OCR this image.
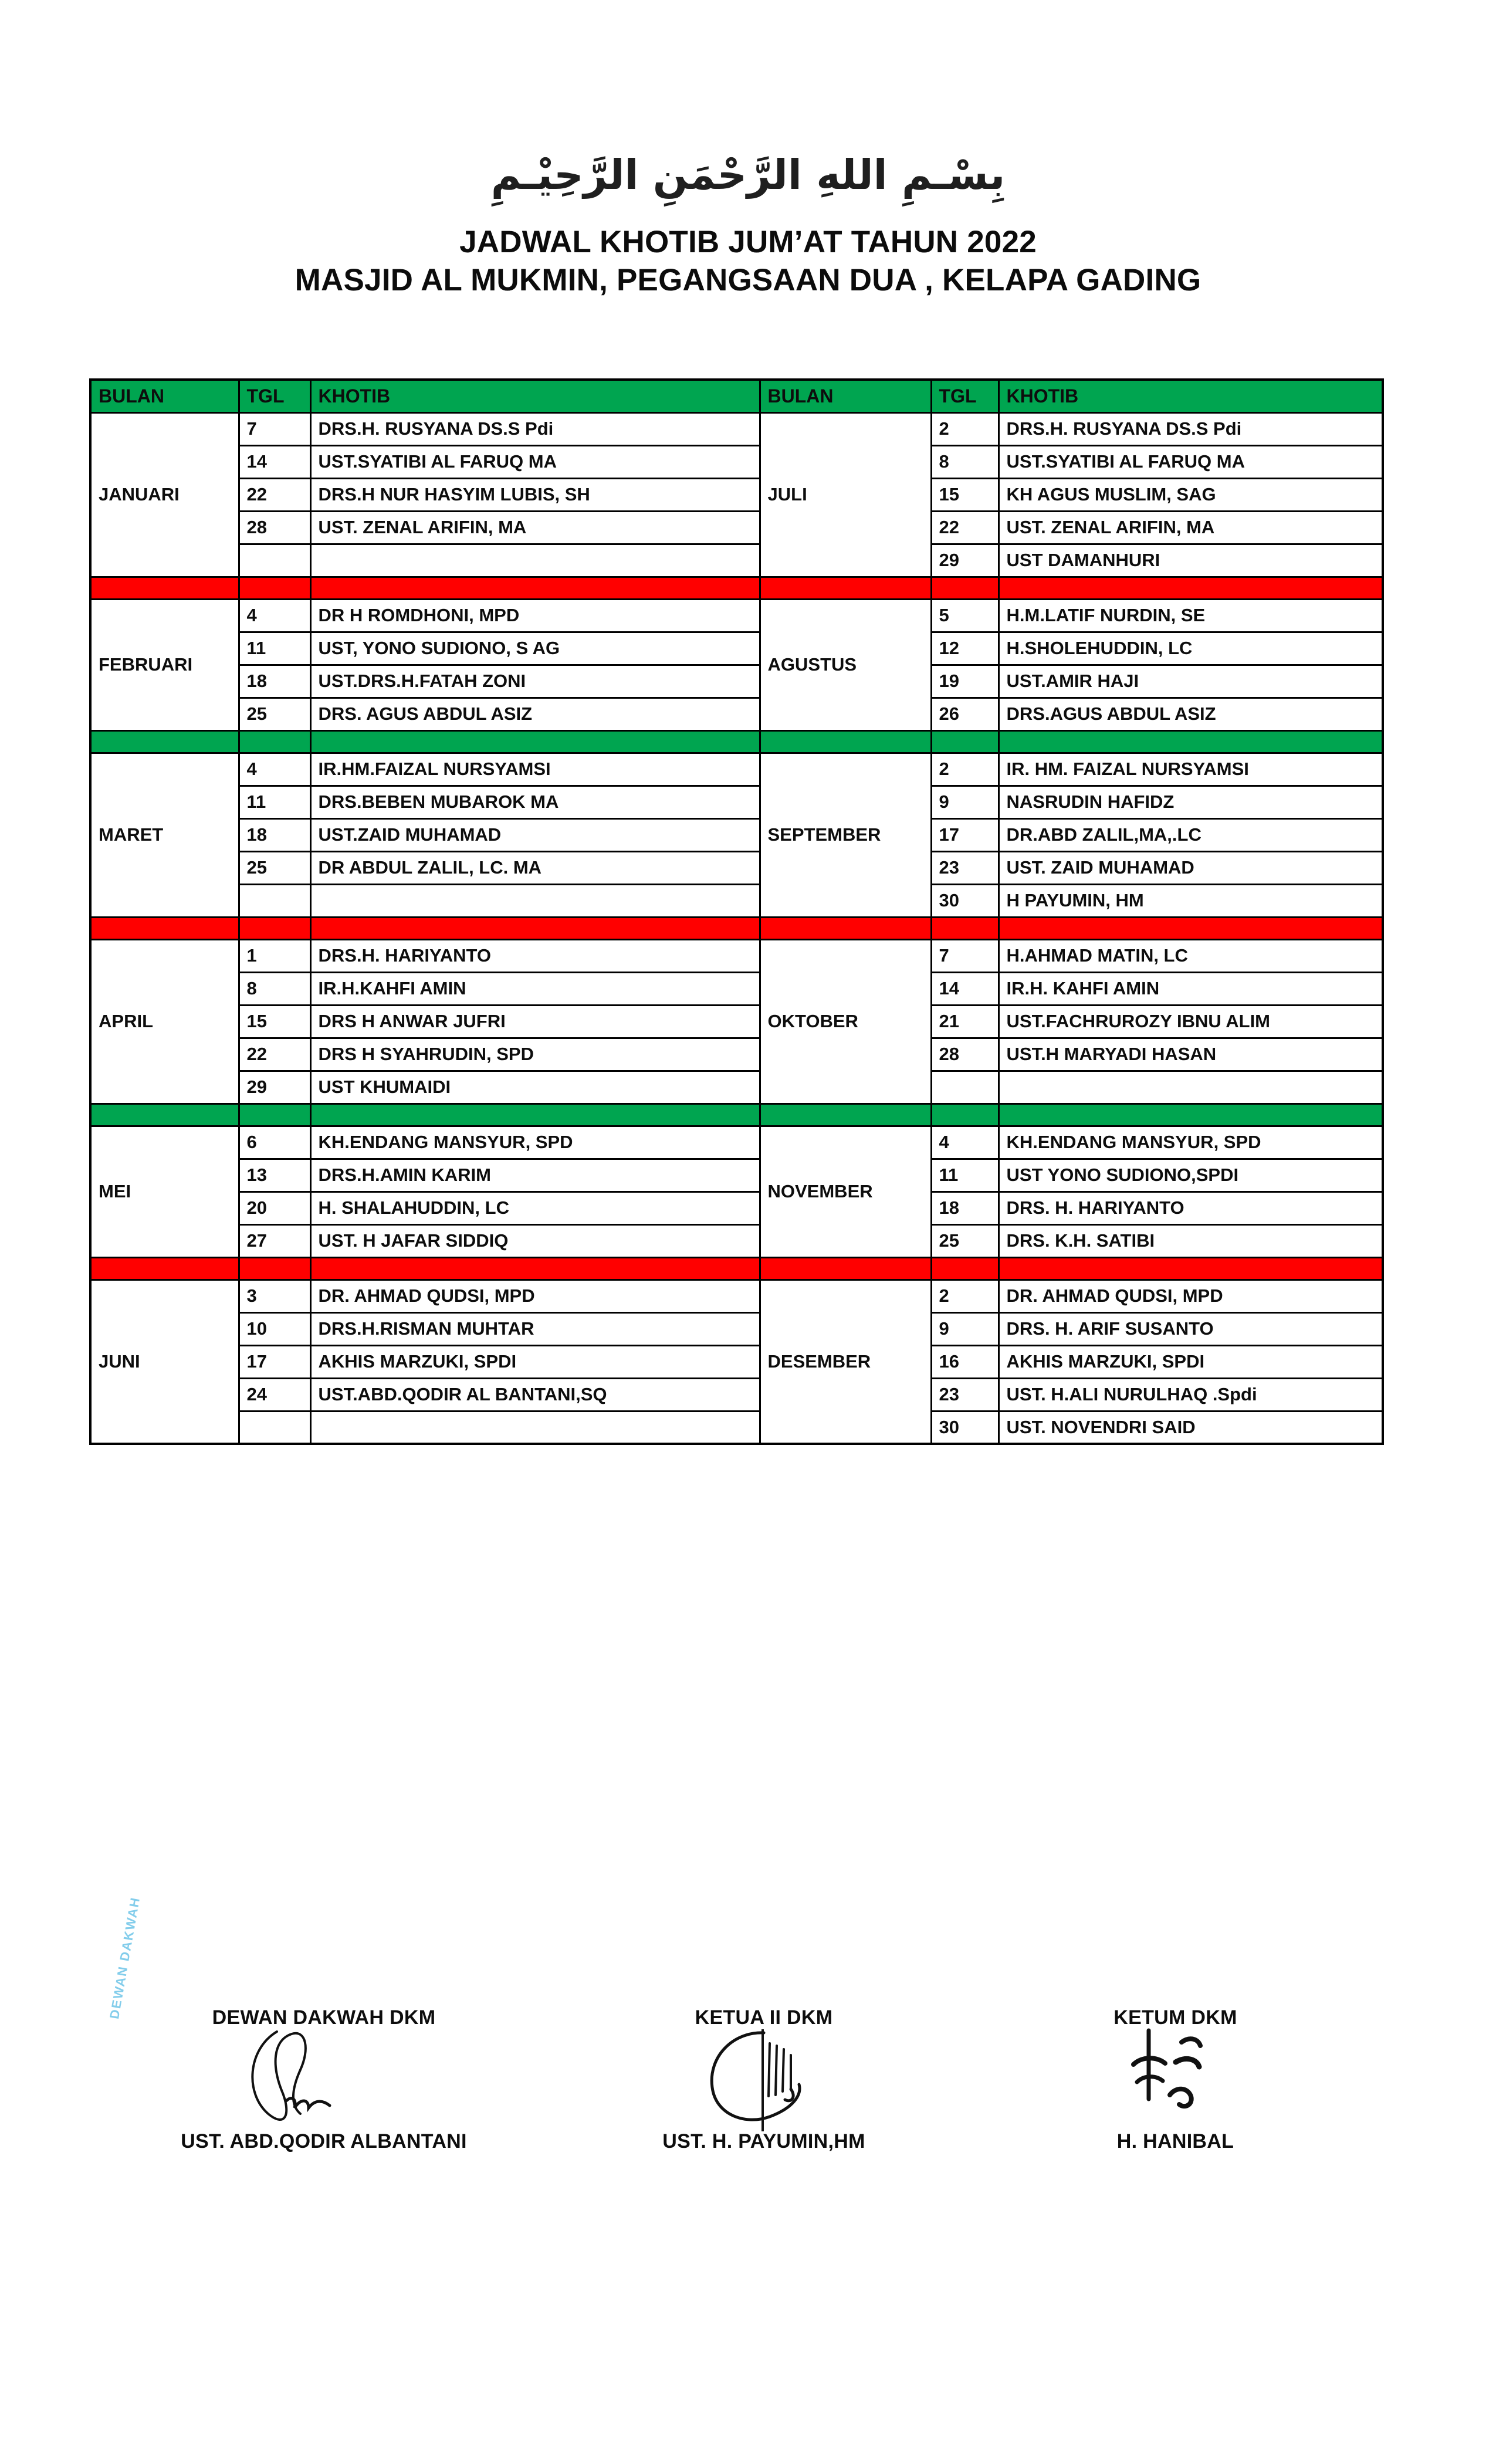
بِسْـمِ اللهِ الرَّحْمَنِ الرَّحِيْـمِ
JADWAL KHOTIB JUM’AT TAHUN 2022
MASJID AL MUKMIN, PEGANGSAAN DUA , KELAPA GADING
BULAN	TGL	KHOTIB	BULAN	TGL	KHOTIB
JANUARI	7	DRS.H. RUSYANA DS.S Pdi	JULI	2	DRS.H. RUSYANA DS.S Pdi
	14	UST.SYATIBI AL FARUQ MA		8	UST.SYATIBI AL FARUQ MA
	22	DRS.H NUR HASYIM LUBIS, SH		15	KH AGUS MUSLIM, SAG
	28	UST. ZENAL ARIFIN, MA		22	UST. ZENAL ARIFIN, MA
				29	UST DAMANHURI

FEBRUARI	4	DR H ROMDHONI, MPD	AGUSTUS	5	H.M.LATIF NURDIN, SE
	11	UST, YONO SUDIONO, S AG		12	H.SHOLEHUDDIN, LC
	18	UST.DRS.H.FATAH ZONI		19	UST.AMIR HAJI
	25	DRS. AGUS ABDUL ASIZ		26	DRS.AGUS ABDUL ASIZ

MARET	4	IR.HM.FAIZAL NURSYAMSI	SEPTEMBER	2	IR. HM. FAIZAL NURSYAMSI
	11	DRS.BEBEN MUBAROK MA		9	NASRUDIN HAFIDZ
	18	UST.ZAID MUHAMAD		17	DR.ABD ZALIL,MA,.LC
	25	DR ABDUL ZALIL, LC. MA		23	UST. ZAID MUHAMAD
				30	H PAYUMIN, HM

APRIL	1	DRS.H. HARIYANTO	OKTOBER	7	H.AHMAD MATIN, LC
	8	IR.H.KAHFI AMIN		14	IR.H. KAHFI AMIN
	15	DRS H ANWAR JUFRI		21	UST.FACHRUROZY IBNU ALIM
	22	DRS H SYAHRUDIN, SPD		28	UST.H MARYADI HASAN
	29	UST KHUMAIDI			

MEI	6	KH.ENDANG MANSYUR, SPD	NOVEMBER	4	KH.ENDANG MANSYUR, SPD
	13	DRS.H.AMIN KARIM		11	UST YONO SUDIONO,SPDI
	20	H. SHALAHUDDIN, LC		18	DRS. H. HARIYANTO
	27	UST. H JAFAR SIDDIQ		25	DRS. K.H. SATIBI

JUNI	3	DR. AHMAD QUDSI, MPD	DESEMBER	2	DR. AHMAD QUDSI, MPD
	10	DRS.H.RISMAN MUHTAR		9	DRS. H. ARIF SUSANTO
	17	AKHIS MARZUKI, SPDI		16	AKHIS MARZUKI, SPDI
	24	UST.ABD.QODIR AL BANTANI,SQ		23	UST. H.ALI NURULHAQ .Spdi
				30	UST. NOVENDRI SAID
DEWAN DAKWAH DKM
DEWAN DAKWAH
UST. ABD.QODIR ALBANTANI
KETUA II DKM
UST. H. PAYUMIN,HM
KETUM DKM
H. HANIBAL
